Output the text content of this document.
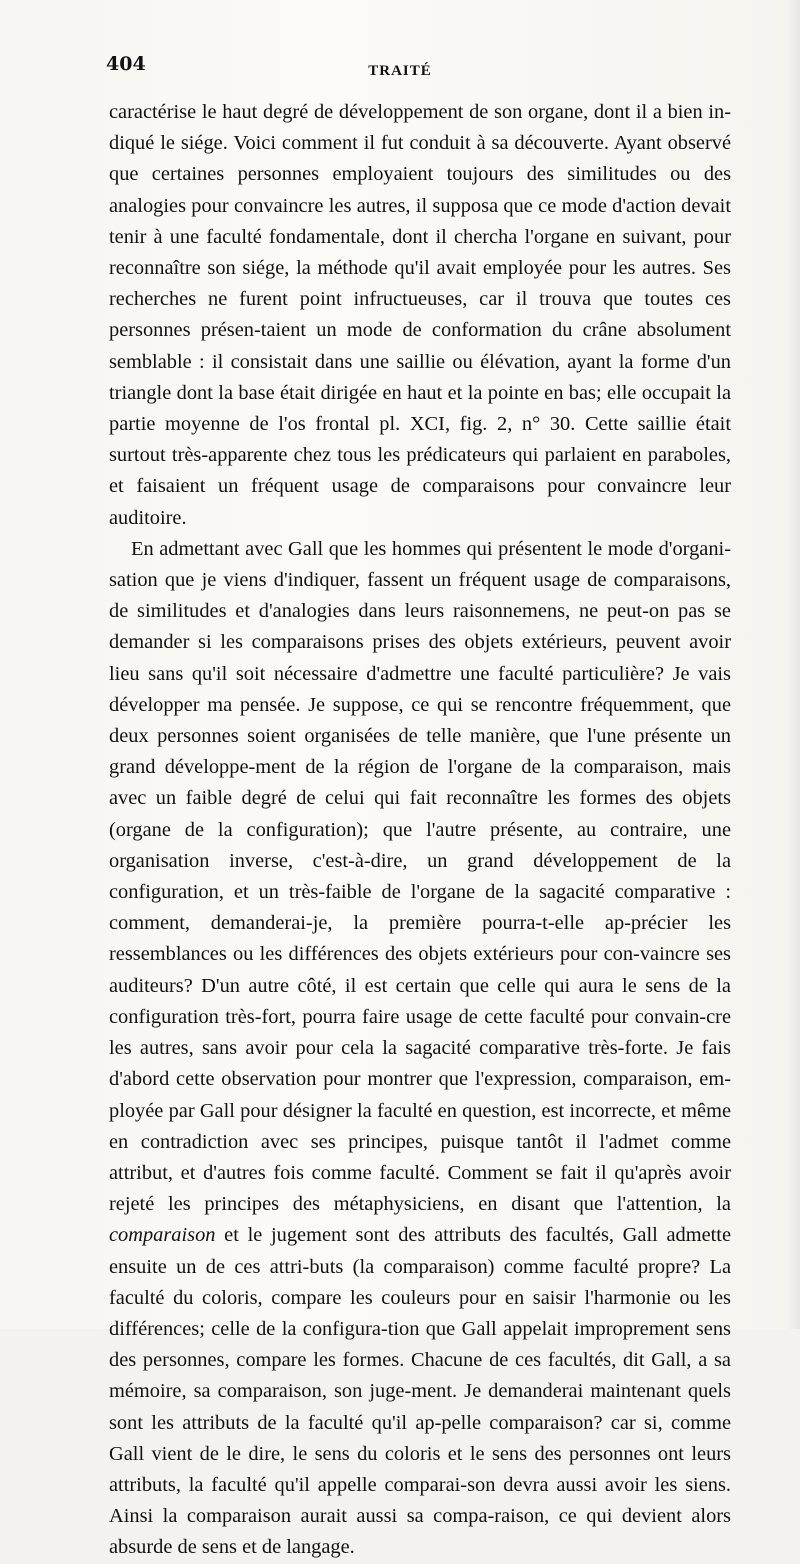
404	TRAITÉ

caractérise le haut degré de développement de son organe, dont il a bien in-diqué le siége. Voici comment il fut conduit à sa découverte. Ayant observé que certaines personnes employaient toujours des similitudes ou des analogies pour convaincre les autres, il supposa que ce mode d'action devait tenir à une faculté fondamentale, dont il chercha l'organe en suivant, pour reconnaître son siége, la méthode qu'il avait employée pour les autres. Ses recherches ne furent point infructueuses, car il trouva que toutes ces personnes présen-taient un mode de conformation du crâne absolument semblable : il consistait dans une saillie ou élévation, ayant la forme d'un triangle dont la base était dirigée en haut et la pointe en bas; elle occupait la partie moyenne de l'os frontal pl. XCI, fig. 2, n° 30. Cette saillie était surtout très-apparente chez tous les prédicateurs qui parlaient en paraboles, et faisaient un fréquent usage de comparaisons pour convaincre leur auditoire.

En admettant avec Gall que les hommes qui présentent le mode d'organi-sation que je viens d'indiquer, fassent un fréquent usage de comparaisons, de similitudes et d'analogies dans leurs raisonnemens, ne peut-on pas se demander si les comparaisons prises des objets extérieurs, peuvent avoir lieu sans qu'il soit nécessaire d'admettre une faculté particulière? Je vais développer ma pensée. Je suppose, ce qui se rencontre fréquemment, que deux personnes soient organisées de telle manière, que l'une présente un grand développe-ment de la région de l'organe de la comparaison, mais avec un faible degré de celui qui fait reconnaître les formes des objets (organe de la configuration); que l'autre présente, au contraire, une organisation inverse, c'est-à-dire, un grand développement de la configuration, et un très-faible de l'organe de la sagacité comparative : comment, demanderai-je, la première pourra-t-elle ap-précier les ressemblances ou les différences des objets extérieurs pour con-vaincre ses auditeurs? D'un autre côté, il est certain que celle qui aura le sens de la configuration très-fort, pourra faire usage de cette faculté pour convain-cre les autres, sans avoir pour cela la sagacité comparative très-forte. Je fais d'abord cette observation pour montrer que l'expression, comparaison, em-ployée par Gall pour désigner la faculté en question, est incorrecte, et même en contradiction avec ses principes, puisque tantôt il l'admet comme attribut, et d'autres fois comme faculté. Comment se fait il qu'après avoir rejeté les principes des métaphysiciens, en disant que l'attention, la comparaison et le jugement sont des attributs des facultés, Gall admette ensuite un de ces attri-buts (la comparaison) comme faculté propre? La faculté du coloris, compare les couleurs pour en saisir l'harmonie ou les différences; celle de la configura-tion que Gall appelait improprement sens des personnes, compare les formes. Chacune de ces facultés, dit Gall, a sa mémoire, sa comparaison, son juge-ment. Je demanderai maintenant quels sont les attributs de la faculté qu'il ap-pelle comparaison? car si, comme Gall vient de le dire, le sens du coloris et le sens des personnes ont leurs attributs, la faculté qu'il appelle comparai-son devra aussi avoir les siens. Ainsi la comparaison aurait aussi sa compa-raison, ce qui devient alors absurde de sens et de langage.
